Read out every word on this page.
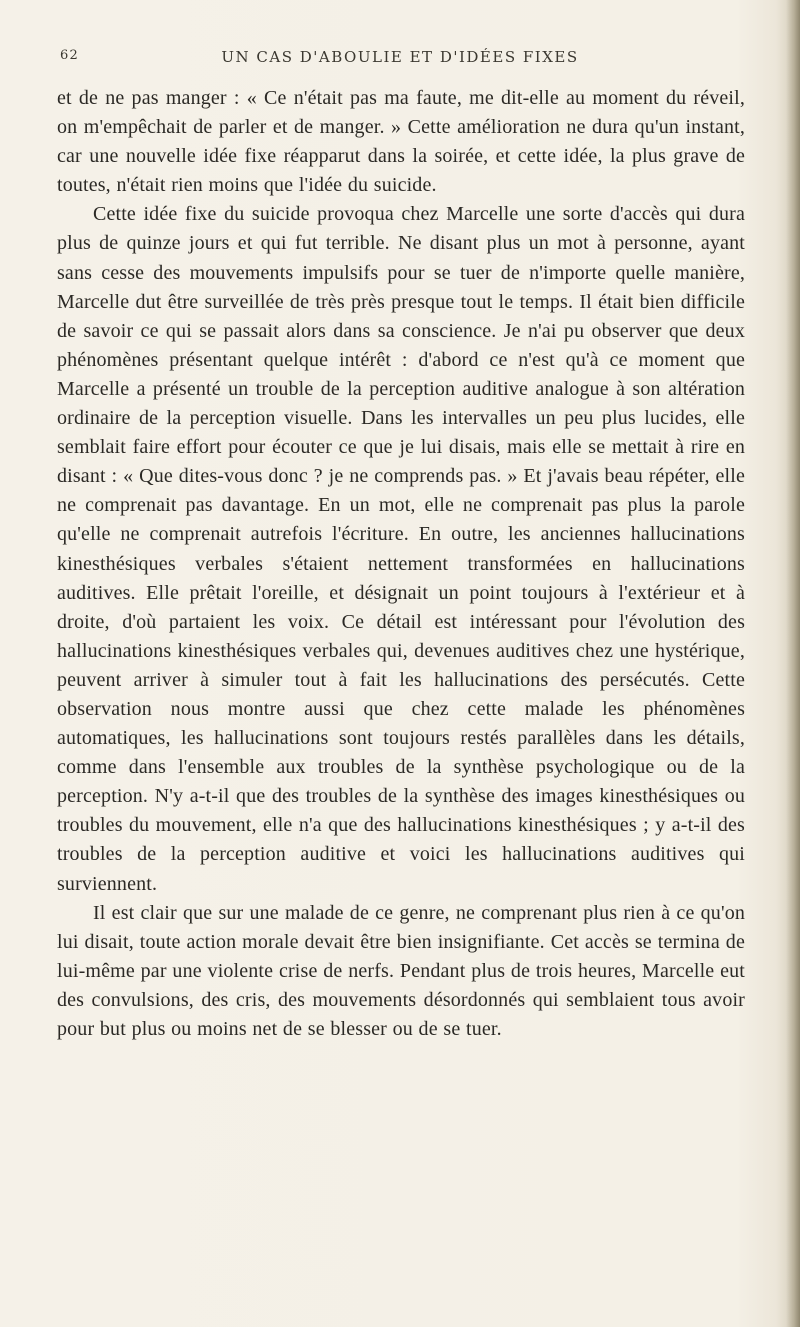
62	UN CAS D'ABOULIE ET D'IDÉES FIXES

et de ne pas manger : « Ce n'était pas ma faute, me dit-elle au moment du réveil, on m'empêchait de parler et de manger. » Cette amélioration ne dura qu'un instant, car une nouvelle idée fixe réapparut dans la soirée, et cette idée, la plus grave de toutes, n'était rien moins que l'idée du suicide.

Cette idée fixe du suicide provoqua chez Marcelle une sorte d'accès qui dura plus de quinze jours et qui fut terrible. Ne disant plus un mot à personne, ayant sans cesse des mouvements impulsifs pour se tuer de n'importe quelle manière, Marcelle dut être surveillée de très près presque tout le temps. Il était bien difficile de savoir ce qui se passait alors dans sa conscience. Je n'ai pu observer que deux phénomènes présentant quelque intérêt : d'abord ce n'est qu'à ce moment que Marcelle a présenté un trouble de la perception auditive analogue à son altération ordinaire de la perception visuelle. Dans les intervalles un peu plus lucides, elle semblait faire effort pour écouter ce que je lui disais, mais elle se mettait à rire en disant : « Que dites-vous donc ? je ne comprends pas. » Et j'avais beau répéter, elle ne comprenait pas davantage. En un mot, elle ne comprenait pas plus la parole qu'elle ne comprenait autrefois l'écriture. En outre, les anciennes hallucinations kinesthésiques verbales s'étaient nettement transformées en hallucinations auditives. Elle prêtait l'oreille, et désignait un point toujours à l'extérieur et à droite, d'où partaient les voix. Ce détail est intéressant pour l'évolution des hallucinations kinesthésiques verbales qui, devenues auditives chez une hystérique, peuvent arriver à simuler tout à fait les hallucinations des persécutés. Cette observation nous montre aussi que chez cette malade les phénomènes automatiques, les hallucinations sont toujours restés parallèles dans les détails, comme dans l'ensemble aux troubles de la synthèse psychologique ou de la perception. N'y a-t-il que des troubles de la synthèse des images kinesthésiques ou troubles du mouvement, elle n'a que des hallucinations kinesthésiques ; y a-t-il des troubles de la perception auditive et voici les hallucinations auditives qui surviennent.

Il est clair que sur une malade de ce genre, ne comprenant plus rien à ce qu'on lui disait, toute action morale devait être bien insignifiante. Cet accès se termina de lui-même par une violente crise de nerfs. Pendant plus de trois heures, Marcelle eut des convulsions, des cris, des mouvements désordonnés qui semblaient tous avoir pour but plus ou moins net de se blesser ou de se tuer.
